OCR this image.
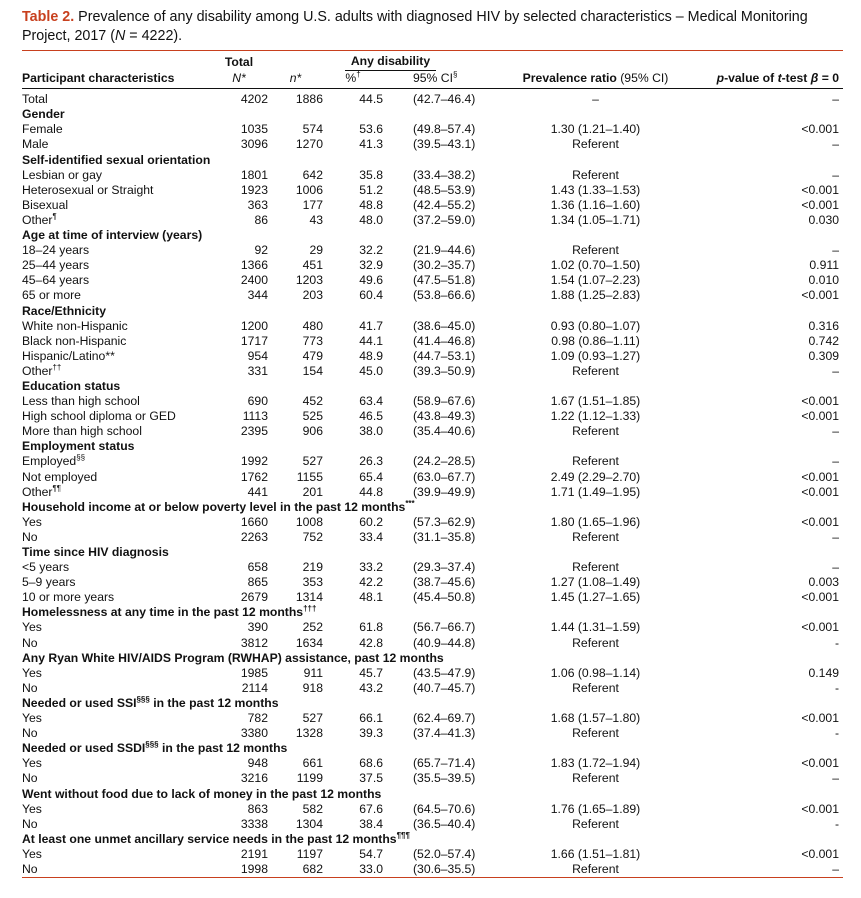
Table 2. Prevalence of any disability among U.S. adults with diagnosed HIV by selected characteristics – Medical Monitoring Project, 2017 (N = 4222).
	Total	Any disability				
Participant characteristics	N*	n*	%†	95% CI§	Prevalence ratio (95% CI)	p-value of t-test β = 0
Total	4202	1886	44.5	(42.7–46.4)	–	–
Gender						
Female	1035	574	53.6	(49.8–57.4)	1.30 (1.21–1.40)	<0.001
Male	3096	1270	41.3	(39.5–43.1)	Referent	–
Self-identified sexual orientation						
Lesbian or gay	1801	642	35.8	(33.4–38.2)	Referent	–
Heterosexual or Straight	1923	1006	51.2	(48.5–53.9)	1.43 (1.33–1.53)	<0.001
Bisexual	363	177	48.8	(42.4–55.2)	1.36 (1.16–1.60)	<0.001
Other¶	86	43	48.0	(37.2–59.0)	1.34 (1.05–1.71)	0.030
Age at time of interview (years)						
18–24 years	92	29	32.2	(21.9–44.6)	Referent	–
25–44 years	1366	451	32.9	(30.2–35.7)	1.02 (0.70–1.50)	0.911
45–64 years	2400	1203	49.6	(47.5–51.8)	1.54 (1.07–2.23)	0.010
65 or more	344	203	60.4	(53.8–66.6)	1.88 (1.25–2.83)	<0.001
Race/Ethnicity						
White non-Hispanic	1200	480	41.7	(38.6–45.0)	0.93 (0.80–1.07)	0.316
Black non-Hispanic	1717	773	44.1	(41.4–46.8)	0.98 (0.86–1.11)	0.742
Hispanic/Latino**	954	479	48.9	(44.7–53.1)	1.09 (0.93–1.27)	0.309
Other††	331	154	45.0	(39.3–50.9)	Referent	–
Education status						
Less than high school	690	452	63.4	(58.9–67.6)	1.67 (1.51–1.85)	<0.001
High school diploma or GED	1113	525	46.5	(43.8–49.3)	1.22 (1.12–1.33)	<0.001
More than high school	2395	906	38.0	(35.4–40.6)	Referent	–
Employment status						
Employed§§	1992	527	26.3	(24.2–28.5)	Referent	–
Not employed	1762	1155	65.4	(63.0–67.7)	2.49 (2.29–2.70)	<0.001
Other¶¶	441	201	44.8	(39.9–49.9)	1.71 (1.49–1.95)	<0.001
Household income at or below poverty level in the past 12 months***
Yes	1660	1008	60.2	(57.3–62.9)	1.80 (1.65–1.96)	<0.001
No	2263	752	33.4	(31.1–35.8)	Referent	–
Time since HIV diagnosis						
<5 years	658	219	33.2	(29.3–37.4)	Referent	–
5–9 years	865	353	42.2	(38.7–45.6)	1.27 (1.08–1.49)	0.003
10 or more years	2679	1314	48.1	(45.4–50.8)	1.45 (1.27–1.65)	<0.001
Homelessness at any time in the past 12 months†††
Yes	390	252	61.8	(56.7–66.7)	1.44 (1.31–1.59)	<0.001
No	3812	1634	42.8	(40.9–44.8)	Referent	-
Any Ryan White HIV/AIDS Program (RWHAP) assistance, past 12 months						
Yes	1985	911	45.7	(43.5–47.9)	1.06 (0.98–1.14)	0.149
No	2114	918	43.2	(40.7–45.7)	Referent	-
Needed or used SSI§§§ in the past 12 months						
Yes	782	527	66.1	(62.4–69.7)	1.68 (1.57–1.80)	<0.001
No	3380	1328	39.3	(37.4–41.3)	Referent	-
Needed or used SSDI§§§ in the past 12 months						
Yes	948	661	68.6	(65.7–71.4)	1.83 (1.72–1.94)	<0.001
No	3216	1199	37.5	(35.5–39.5)	Referent	–
Went without food due to lack of money in the past 12 months						
Yes	863	582	67.6	(64.5–70.6)	1.76 (1.65–1.89)	<0.001
No	3338	1304	38.4	(36.5–40.4)	Referent	-
At least one unmet ancillary service needs in the past 12 months¶¶¶
Yes	2191	1197	54.7	(52.0–57.4)	1.66 (1.51–1.81)	<0.001
No	1998	682	33.0	(30.6–35.5)	Referent	–
